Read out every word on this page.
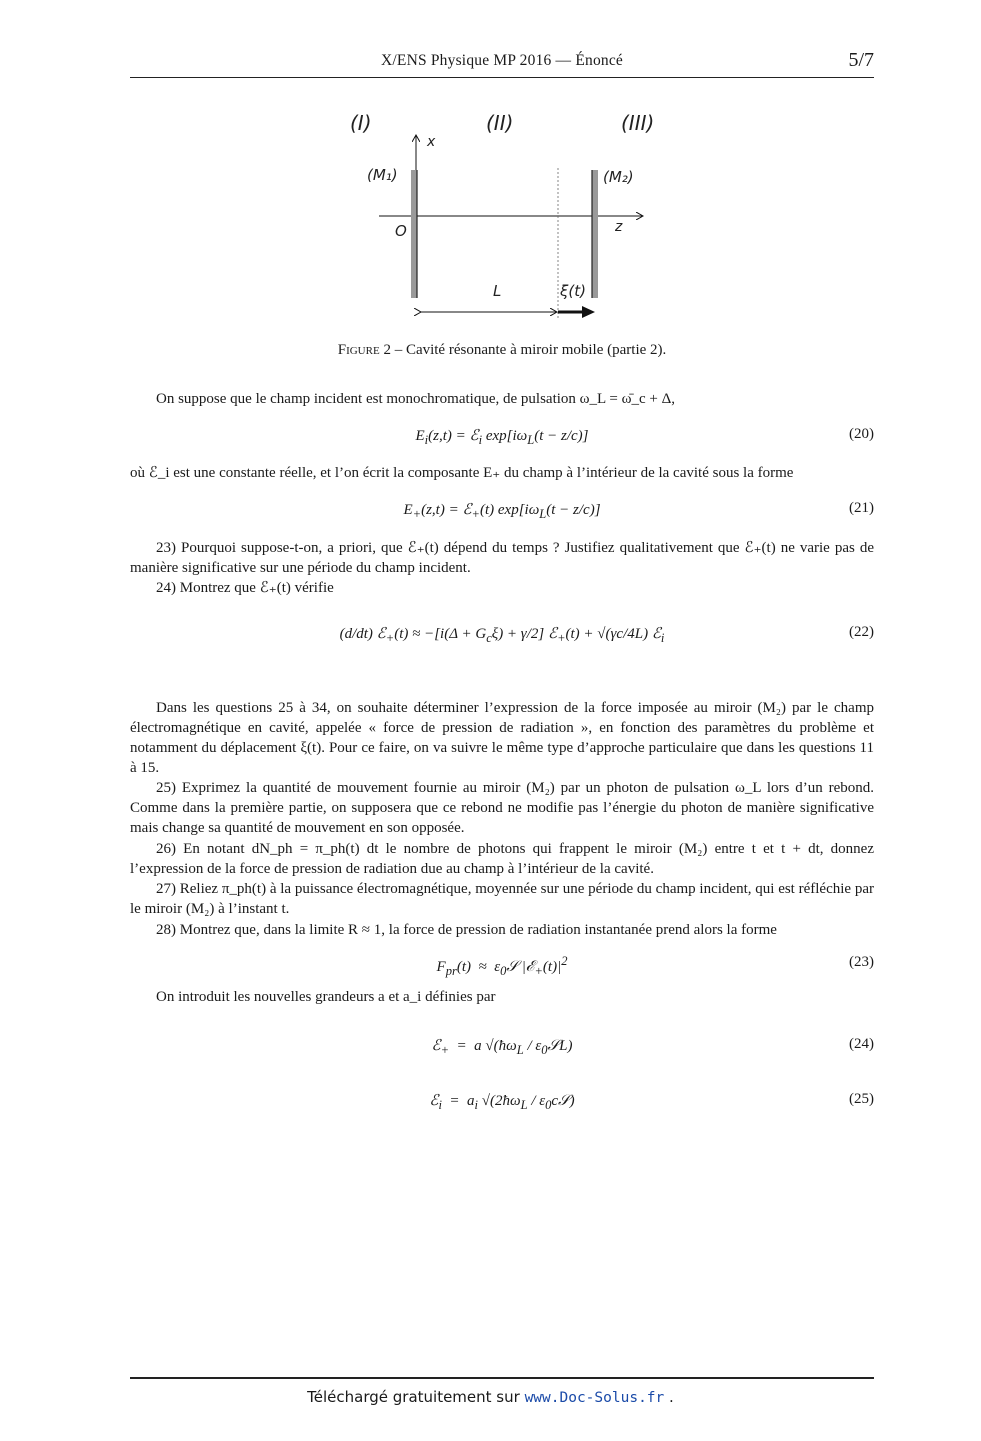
X/ENS Physique MP 2016 — Énoncé	5/7
(I)	(II)	(III)
x
z
O
(M₁)	(M₂)
L	ξ(t)
Figure 2 – Cavité résonante à miroir mobile (partie 2).
On suppose que le champ incident est monochromatique, de pulsation ω_L = ω̄_c + Δ,
$E_i(z,t)$ = ℰ$_i$ $\exp[i\omega_L(t - z/c)]$	(20)
où ℰ_i est une constante réelle, et l’on écrit la composante E₊ du champ à l’intérieur de la cavité sous la forme
$E_+(z,t)$ = ℰ$_+$(t) $\exp[i\omega_L(t - z/c)]$	(21)
23) Pourquoi suppose-t-on, a priori, que ℰ₊(t) dépend du temps ? Justifiez qualitativement que ℰ₊(t) ne varie pas de manière significative sur une période du champ incident.
24) Montrez que ℰ₊(t) vérifie
(d/dt) ℰ$_+$(t) ≈ $-[i(\Delta + G_c\xi) + \gamma/2]$ ℰ$_+$(t) + √(γc/4L) ℰ$_i$	(22)
Dans les questions 25 à 34, on souhaite déterminer l’expression de la force imposée au miroir (M₂) par le champ électromagnétique en cavité, appelée « force de pression de radiation », en fonction des paramètres du problème et notamment du déplacement ξ(t). Pour ce faire, on va suivre le même type d’approche particulaire que dans les questions 11 à 15.
25) Exprimez la quantité de mouvement fournie au miroir (M₂) par un photon de pulsation ω_L lors d’un rebond. Comme dans la première partie, on supposera que ce rebond ne modifie pas l’énergie du photon de manière significative mais change sa quantité de mouvement en son opposée.
26) En notant dN_ph = π_ph(t) dt le nombre de photons qui frappent le miroir (M₂) entre t et t + dt, donnez l’expression de la force de pression de radiation due au champ à l’intérieur de la cavité.
27) Reliez π_ph(t) à la puissance électromagnétique, moyennée sur une période du champ incident, qui est réfléchie par le miroir (M₂) à l’instant t.
28) Montrez que, dans la limite R ≈ 1, la force de pression de radiation instantanée prend alors la forme
$F_{pr}(t)$  ≈  $\varepsilon_0𝒮$ $|ℰ_+(t)|^2$	(23)
On introduit les nouvelles grandeurs a et a_i définies par
ℰ$_+$  =  a $√(ħ\omega_L$ / $\varepsilon_0𝒮L$)	(24)
ℰ$_i$  =  $a_i$ $√(2ħ\omega_L$ / $\varepsilon_0c𝒮$)	(25)
Téléchargé gratuitement sur www.Doc-Solus.fr .
